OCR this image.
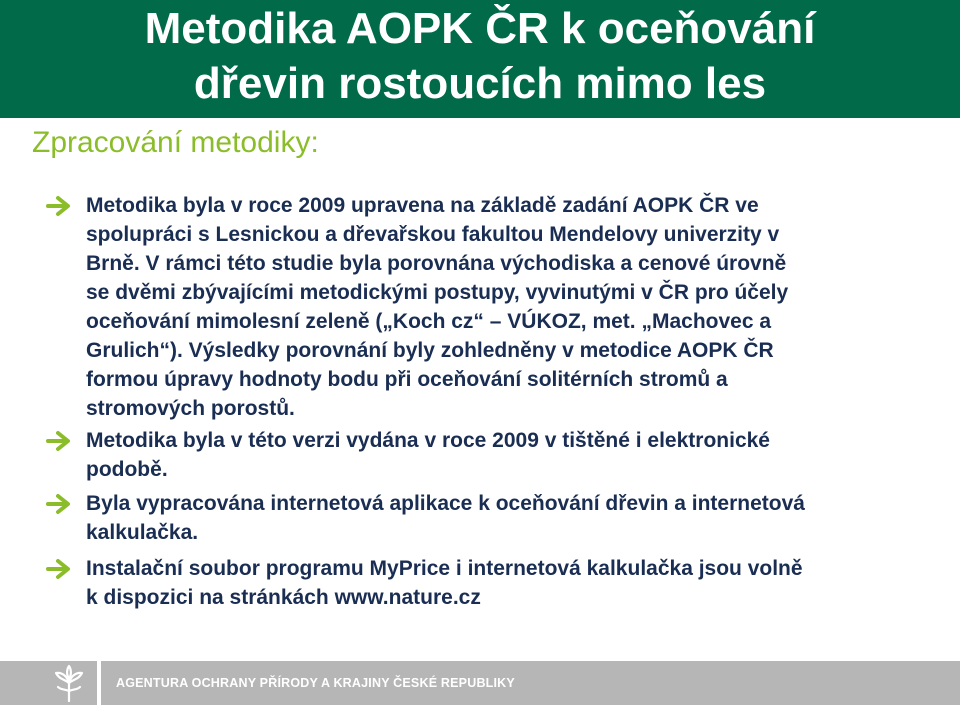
Metodika AOPK ČR k oceňování
dřevin rostoucích mimo les
Zpracování metodiky:
Metodika byla v roce 2009 upravena na základě zadání AOPK ČR ve
spolupráci s Lesnickou a dřevařskou fakultou Mendelovy univerzity v
Brně. V rámci této studie byla porovnána východiska a cenové úrovně
se dvěmi zbývajícími metodickými postupy, vyvinutými v ČR pro účely
oceňování mimolesní zeleně („Koch cz“ – VÚKOZ, met. „Machovec a
Grulich“). Výsledky porovnání byly zohledněny v metodice AOPK ČR
formou úpravy hodnoty bodu při oceňování solitérních stromů a
stromových porostů.
Metodika byla v této verzi vydána v roce 2009 v tištěné i elektronické
podobě.
Byla vypracována internetová aplikace k oceňování dřevin a internetová
kalkulačka.
Instalační soubor programu MyPrice i internetová kalkulačka jsou volně
k dispozici na stránkách www.nature.cz
AGENTURA OCHRANY PŘÍRODY A KRAJINY ČESKÉ REPUBLIKY
